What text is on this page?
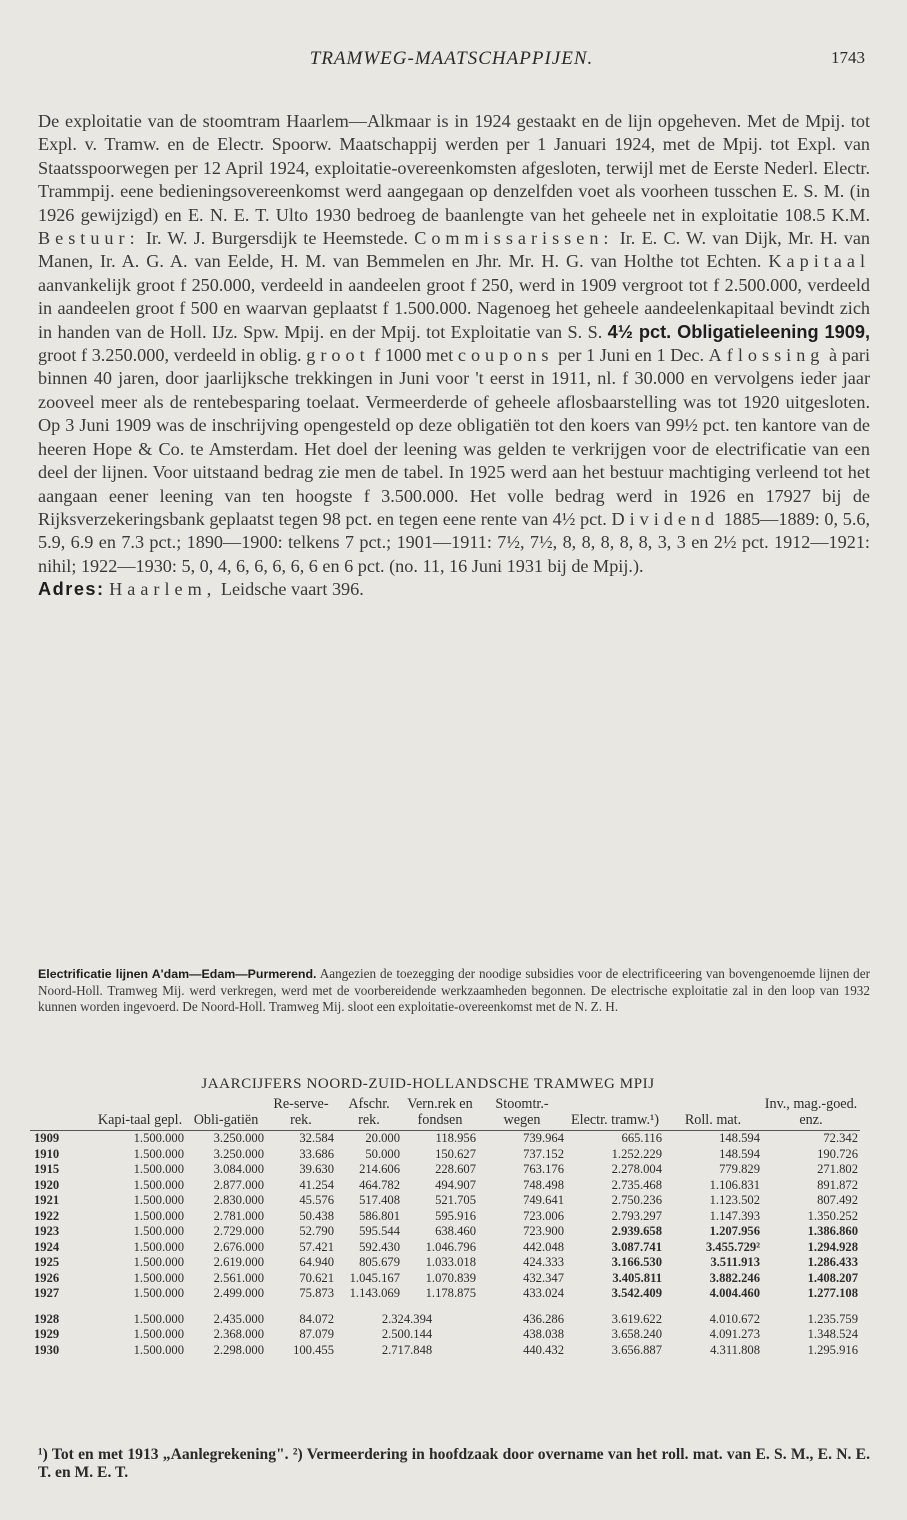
TRAMWEG-MAATSCHAPPIJEN.	1743

De exploitatie van de stoomtram Haarlem—Alkmaar is in 1924 gestaakt en de lijn opgeheven. Met de Mpij. tot Expl. v. Tramw. en de Electr. Spoorw. Maatschappij werden per 1 Januari 1924, met de Mpij. tot Expl. van Staatsspoorwegen per 12 April 1924, exploitatie-overeenkomsten afgesloten, terwijl met de Eerste Nederl. Electr. Trammpij. eene bedieningsovereenkomst werd aangegaan op denzelfden voet als voorheen tusschen E. S. M. (in 1926 gewijzigd) en E. N. E. T. Ulto 1930 bedroeg de baanlengte van het geheele net in exploitatie 108.5 K.M. Bestuur: Ir. W. J. Burgersdijk te Heemstede. Commissarissen: Ir. E. C. W. van Dijk, Mr. H. van Manen, Ir. A. G. A. van Eelde, H. M. van Bemmelen en Jhr. Mr. H. G. van Holthe tot Echten. Kapitaal aanvankelijk groot f 250.000, verdeeld in aandeelen groot f 250, werd in 1909 vergroot tot f 2.500.000, verdeeld in aandeelen groot f 500 en waarvan geplaatst f 1.500.000. Nagenoeg het geheele aandeelenkapitaal bevindt zich in handen van de Holl. IJz. Spw. Mpij. en der Mpij. tot Exploitatie van S. S. 4½ pct. Obligatieleening 1909, groot f 3.250.000, verdeeld in oblig. groot f 1000 met coupons per 1 Juni en 1 Dec. Aflossing à pari binnen 40 jaren, door jaarlijksche trekkingen in Juni voor 't eerst in 1911, nl. f 30.000 en vervolgens ieder jaar zooveel meer als de rentebesparing toelaat. Vermeerderde of geheele aflosbaarstelling was tot 1920 uitgesloten. Op 3 Juni 1909 was de inschrijving opengesteld op deze obligatiën tot den koers van 99½ pct. ten kantore van de heeren Hope & Co. te Amsterdam. Het doel der leening was gelden te verkrijgen voor de electrificatie van een deel der lijnen. Voor uitstaand bedrag zie men de tabel. In 1925 werd aan het bestuur machtiging verleend tot het aangaan eener leening van ten hoogste f 3.500.000. Het volle bedrag werd in 1926 en 17927 bij de Rijksverzekeringsbank geplaatst tegen 98 pct. en tegen eene rente van 4½ pct. Dividend 1885—1889: 0, 5.6, 5.9, 6.9 en 7.3 pct.; 1890—1900: telkens 7 pct.; 1901—1911: 7½, 7½, 8, 8, 8, 8, 8, 3, 3 en 2½ pct. 1912—1921: nihil; 1922—1930: 5, 0, 4, 6, 6, 6, 6, 6 en 6 pct. (no. 11, 16 Juni 1931 bij de Mpij.).

Adres: Haarlem, Leidsche vaart 396.

Electrificatie lijnen A'dam—Edam—Purmerend. Aangezien de toezegging der noodige subsidies voor de electrificeering van bovengenoemde lijnen der Noord-Holl. Tramweg Mij. werd verkregen, werd met de voorbereidende werkzaamheden begonnen. De electrische exploitatie zal in den loop van 1932 kunnen worden ingevoerd. De Noord-Holl. Tramweg Mij. sloot een exploitatie-overeenkomst met de N. Z. H.
JAARCIJFERS NOORD-ZUID-HOLLANDSCHE TRAMWEG MPIJ
	Kapi-taal gepl.	Obli-gatiën	Re-serve-rek.	Afschr. rek.	Vern.rek en fondsen	Stoomtr.-wegen	Electr. tramw.¹)	Roll. mat.	Inv., mag.-goed. enz.
1909	1.500.000	3.250.000	32.584	20.000	118.956	739.964	665.116	148.594	72.342
1910	1.500.000	3.250.000	33.686	50.000	150.627	737.152	1.252.229	148.594	190.726
1915	1.500.000	3.084.000	39.630	214.606	228.607	763.176	2.278.004	779.829	271.802
1920	1.500.000	2.877.000	41.254	464.782	494.907	748.498	2.735.468	1.106.831	891.872
1921	1.500.000	2.830.000	45.576	517.408	521.705	749.641	2.750.236	1.123.502	807.492
1922	1.500.000	2.781.000	50.438	586.801	595.916	723.006	2.793.297	1.147.393	1.350.252
1923	1.500.000	2.729.000	52.790	595.544	638.460	723.900	2.939.658	1.207.956	1.386.860
1924	1.500.000	2.676.000	57.421	592.430	1.046.796	442.048	3.087.741	3.455.729²	1.294.928
1925	1.500.000	2.619.000	64.940	805.679	1.033.018	424.333	3.166.530	3.511.913	1.286.433
1926	1.500.000	2.561.000	70.621	1.045.167	1.070.839	432.347	3.405.811	3.882.246	1.408.207
1927	1.500.000	2.499.000	75.873	1.143.069	1.178.875	433.024	3.542.409	4.004.460	1.277.108

1928	1.500.000	2.435.000	84.072	2.324.394		436.286	3.619.622	4.010.672	1.235.759
1929	1.500.000	2.368.000	87.079	2.500.144		438.038	3.658.240	4.091.273	1.348.524
1930	1.500.000	2.298.000	100.455	2.717.848		440.432	3.656.887	4.311.808	1.295.916
¹) Tot en met 1913 „Aanlegrekening". ²) Vermeerdering in hoofdzaak door overname van het roll. mat. van E. S. M., E. N. E. T. en M. E. T.
